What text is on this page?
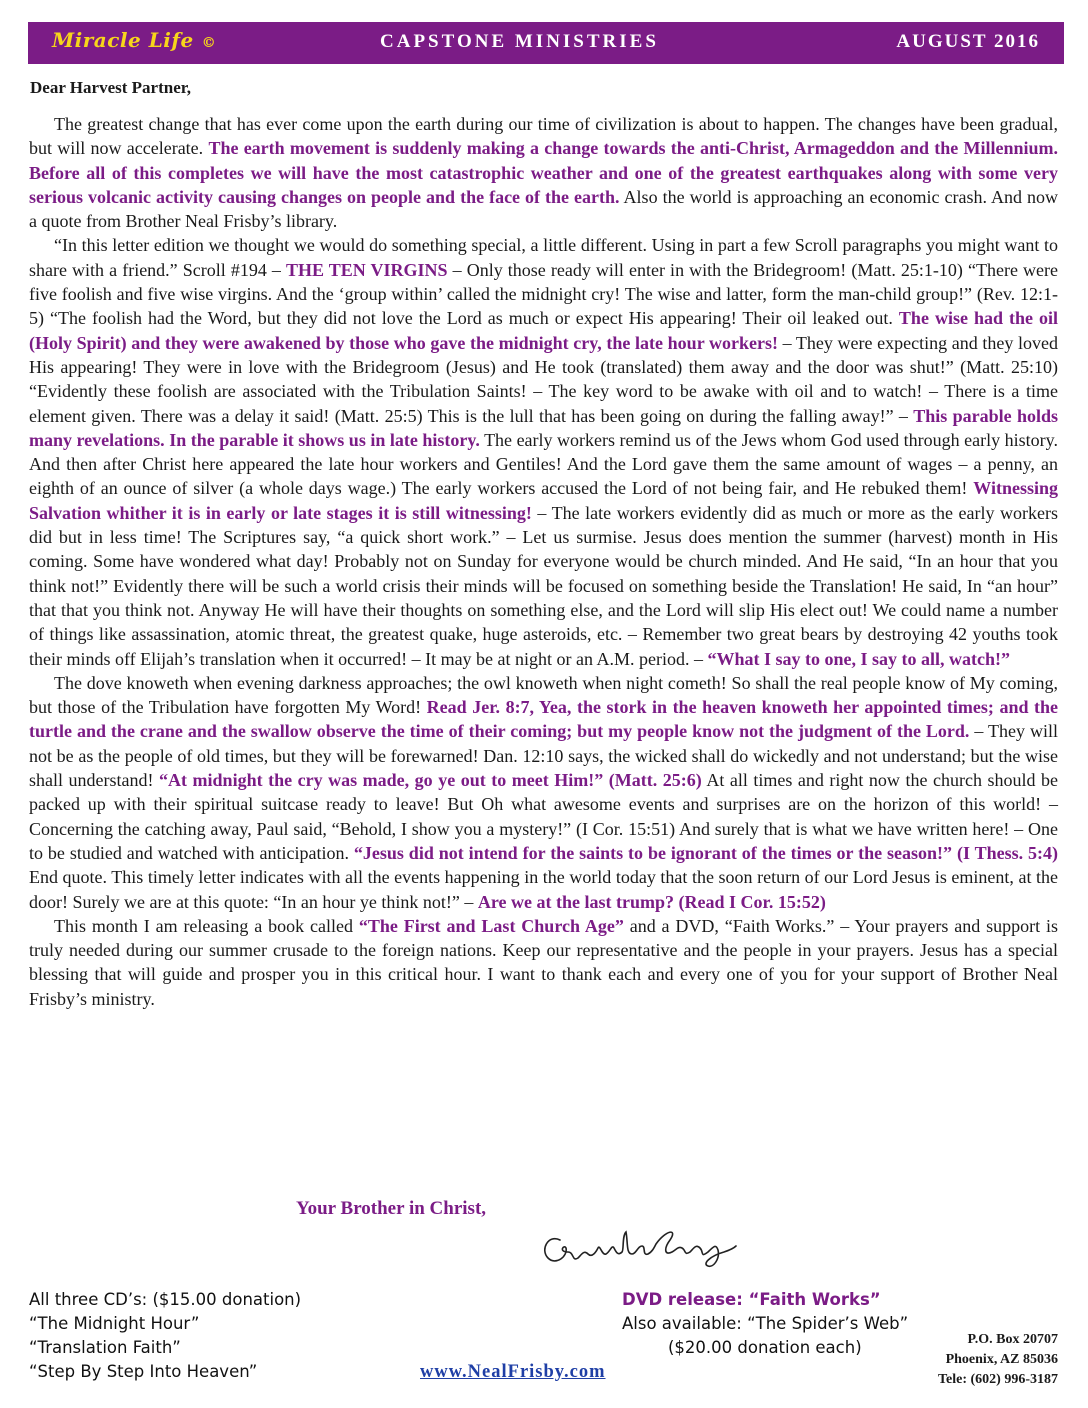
Miracle Life ©	CAPSTONE MINISTRIES	AUGUST 2016
Dear Harvest Partner,

The greatest change that has ever come upon the earth during our time of civilization is about to happen. The changes have been gradual, but will now accelerate. The earth movement is suddenly making a change towards the anti-Christ, Armageddon and the Millennium. Before all of this completes we will have the most catastrophic weather and one of the greatest earthquakes along with some very serious volcanic activity causing changes on people and the face of the earth. Also the world is approaching an economic crash. And now a quote from Brother Neal Frisby’s library.

“In this letter edition we thought we would do something special, a little different. Using in part a few Scroll paragraphs you might want to share with a friend.” Scroll #194 – THE TEN VIRGINS – Only those ready will enter in with the Bridegroom! (Matt. 25:1-10) “There were five foolish and five wise virgins. And the ‘group within’ called the midnight cry! The wise and latter, form the man-child group!” (Rev. 12:1-5) “The foolish had the Word, but they did not love the Lord as much or expect His appearing! Their oil leaked out. The wise had the oil (Holy Spirit) and they were awakened by those who gave the midnight cry, the late hour workers! – They were expecting and they loved His appearing! They were in love with the Bridegroom (Jesus) and He took (translated) them away and the door was shut!” (Matt. 25:10) “Evidently these foolish are associated with the Tribulation Saints! – The key word to be awake with oil and to watch! – There is a time element given. There was a delay it said! (Matt. 25:5) This is the lull that has been going on during the falling away!” – This parable holds many revelations. In the parable it shows us in late history. The early workers remind us of the Jews whom God used through early history. And then after Christ here appeared the late hour workers and Gentiles! And the Lord gave them the same amount of wages – a penny, an eighth of an ounce of silver (a whole days wage.) The early workers accused the Lord of not being fair, and He rebuked them! Witnessing Salvation whither it is in early or late stages it is still witnessing! – The late workers evidently did as much or more as the early workers did but in less time! The Scriptures say, “a quick short work.” – Let us surmise. Jesus does mention the summer (harvest) month in His coming. Some have wondered what day! Probably not on Sunday for everyone would be church minded. And He said, “In an hour that you think not!” Evidently there will be such a world crisis their minds will be focused on something beside the Translation! He said, In “an hour” that that you think not. Anyway He will have their thoughts on something else, and the Lord will slip His elect out! We could name a number of things like assassination, atomic threat, the greatest quake, huge asteroids, etc. – Remember two great bears by destroying 42 youths took their minds off Elijah’s translation when it occurred! – It may be at night or an A.M. period. – “What I say to one, I say to all, watch!”

The dove knoweth when evening darkness approaches; the owl knoweth when night cometh! So shall the real people know of My coming, but those of the Tribulation have forgotten My Word! Read Jer. 8:7, Yea, the stork in the heaven knoweth her appointed times; and the turtle and the crane and the swallow observe the time of their coming; but my people know not the judgment of the Lord. – They will not be as the people of old times, but they will be forewarned! Dan. 12:10 says, the wicked shall do wickedly and not understand; but the wise shall understand! “At midnight the cry was made, go ye out to meet Him!” (Matt. 25:6) At all times and right now the church should be packed up with their spiritual suitcase ready to leave! But Oh what awesome events and surprises are on the horizon of this world! – Concerning the catching away, Paul said, “Behold, I show you a mystery!” (I Cor. 15:51) And surely that is what we have written here! – One to be studied and watched with anticipation. “Jesus did not intend for the saints to be ignorant of the times or the season!” (I Thess. 5:4) End quote. This timely letter indicates with all the events happening in the world today that the soon return of our Lord Jesus is eminent, at the door! Surely we are at this quote: “In an hour ye think not!” – Are we at the last trump? (Read I Cor. 15:52)

This month I am releasing a book called “The First and Last Church Age” and a DVD, “Faith Works.” – Your prayers and support is truly needed during our summer crusade to the foreign nations. Keep our representative and the people in your prayers. Jesus has a special blessing that will guide and prosper you in this critical hour. I want to thank each and every one of you for your support of Brother Neal Frisby’s ministry.

Your Brother in Christ,
All three CD’s: ($15.00 donation)
“The Midnight Hour”
“Translation Faith”
“Step By Step Into Heaven”
DVD release: “Faith Works”
Also available: “The Spider’s Web”
($20.00 donation each)
www.NealFrisby.com
P.O. Box 20707
Phoenix, AZ 85036
Tele: (602) 996-3187
